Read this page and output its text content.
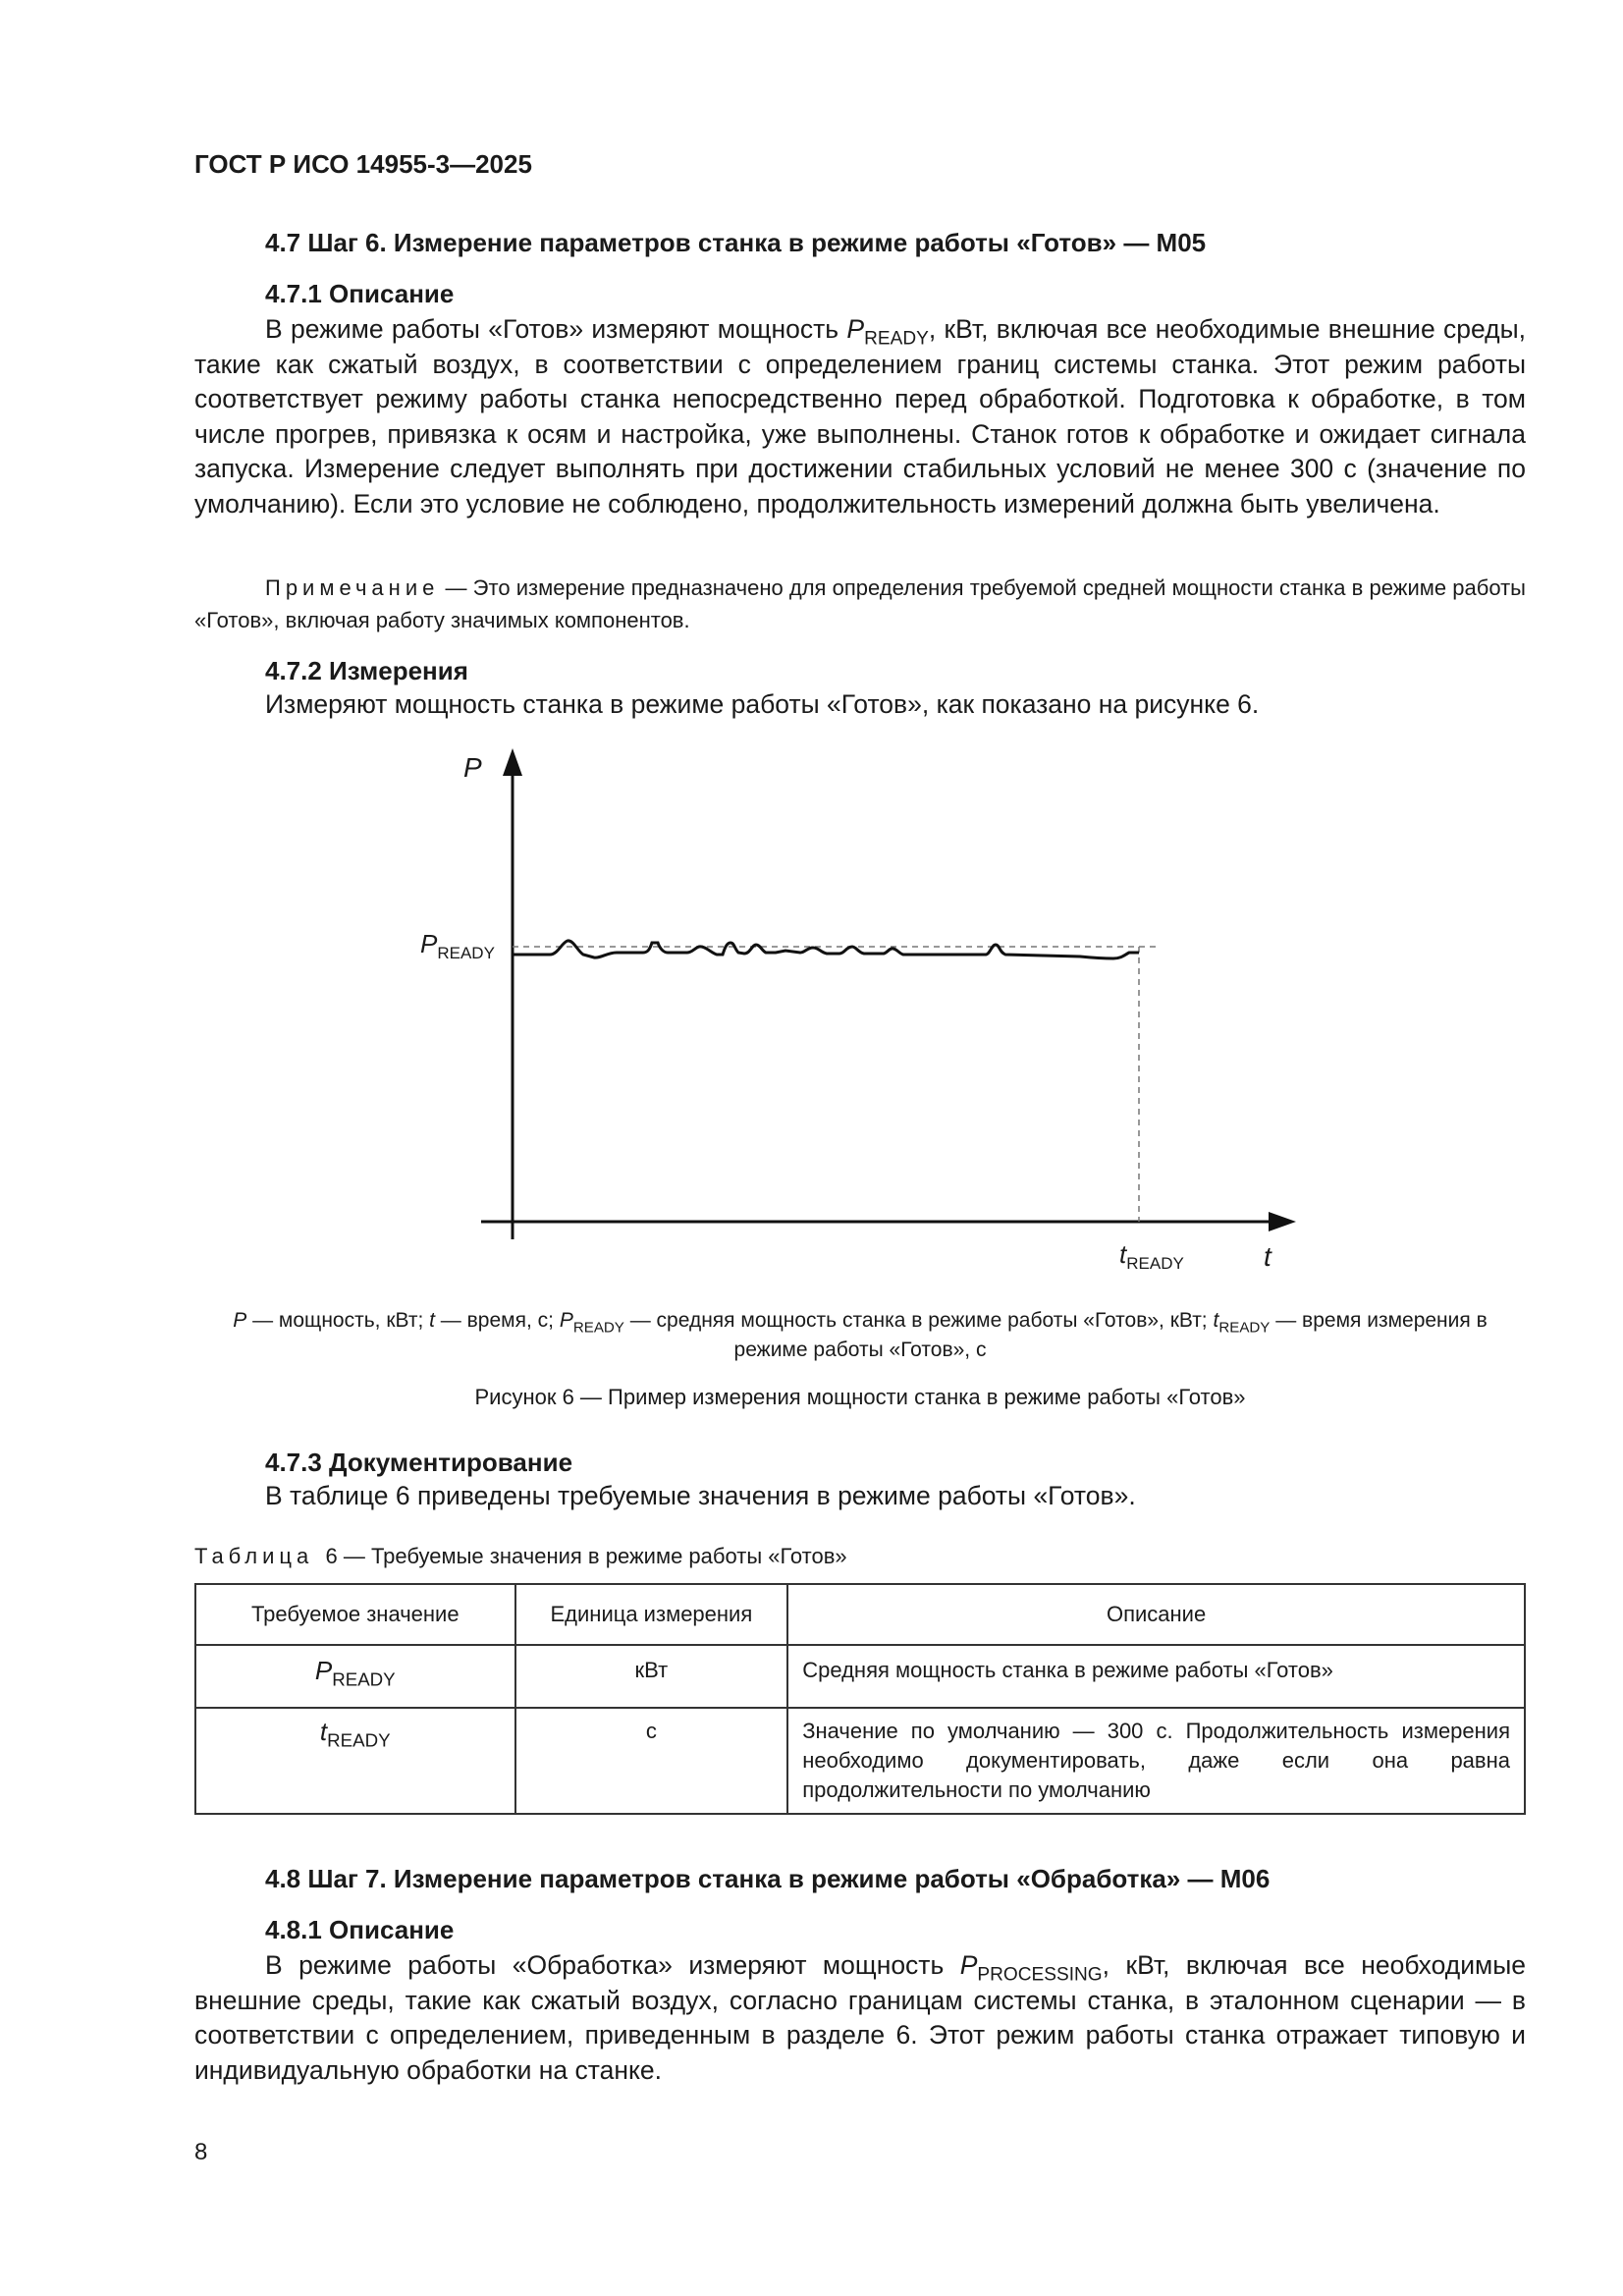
ГОСТ Р ИСО 14955-3—2025
4.7 Шаг 6. Измерение параметров станка в режиме работы «Готов» — М05
4.7.1 Описание
В режиме работы «Готов» измеряют мощность $P_{READY}$, кВт, включая все необходимые внешние среды, такие как сжатый воздух, в соответствии с определением границ системы станка. Этот режим работы соответствует режиму работы станка непосредственно перед обработкой. Подготовка к обработке, в том числе прогрев, привязка к осям и настройка, уже выполнены. Станок готов к обработке и ожидает сигнала запуска. Измерение следует выполнять при достижении стабильных условий не менее 300 с (значение по умолчанию). Если это условие не соблюдено, продолжительность измерений должна быть увеличена.
Примечание — Это измерение предназначено для определения требуемой средней мощности станка в режиме работы «Готов», включая работу значимых компонентов.
4.7.2 Измерения
Измеряют мощность станка в режиме работы «Готов», как показано на рисунке 6.
P
t
$P_{READY}$
$t_{READY}$
P — мощность, кВт; t — время, с; $P_{READY}$ — средняя мощность станка в режиме работы «Готов», кВт; $t_{READY}$ — время измерения в режиме работы «Готов», с
Рисунок 6 — Пример измерения мощности станка в режиме работы «Готов»
4.7.3 Документирование
В таблице 6 приведены требуемые значения в режиме работы «Готов».
Таблица 6 — Требуемые значения в режиме работы «Готов»
Требуемое значение	Единица измерения	Описание
$P_{READY}$	кВт	Средняя мощность станка в режиме работы «Готов»
$t_{READY}$	с	Значение по умолчанию — 300 с. Продолжительность измерения необходимо документировать, даже если она равна продолжительности по умолчанию
4.8 Шаг 7. Измерение параметров станка в режиме работы «Обработка» — М06
4.8.1 Описание
В режиме работы «Обработка» измеряют мощность $P_{PROCESSING}$, кВт, включая все необходимые внешние среды, такие как сжатый воздух, согласно границам системы станка, в эталонном сценарии — в соответствии с определением, приведенным в разделе 6. Этот режим работы станка отражает типовую и индивидуальную обработки на станке.
8
